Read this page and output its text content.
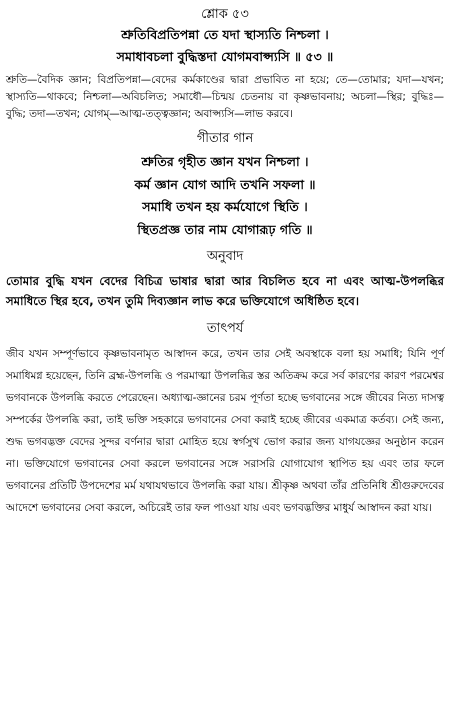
শ্লোক ৫৩

শ্রুতিবিপ্রতিপন্না তে যদা স্থাস্যতি নিশ্চলা ।

সমাধাবচলা বুদ্ধিস্তদা যোগমবাপ্স্যসি ॥ ৫৩ ॥

শ্রুতি—বৈদিক জ্ঞান; বিপ্রতিপন্না—বেদের কর্মকাণ্ডের দ্বারা প্রভাবিত না হয়ে; তে—তোমার; যদা—যখন; স্থাস্যতি—থাকবে; নিশ্চলা—অবিচলিত; সমাধৌ—চিন্ময় চেতনায় বা কৃষ্ণভাবনায়; অচলা—স্থির; বুদ্ধিঃ—বুদ্ধি; তদা—তখন; যোগম্—আত্ম-তত্ত্বজ্ঞান; অবাপ্স্যসি—লাভ করবে।

গীতার গান

শ্রুতির গৃহীত জ্ঞান যখন নিশ্চলা ।

কর্ম জ্ঞান যোগ আদি তখনি সফলা ॥

সমাধি তখন হয় কর্মযোগে স্থিতি ।

স্থিতপ্রজ্ঞ তার নাম যোগারূঢ় গতি ॥

অনুবাদ

তোমার বুদ্ধি যখন বেদের বিচিত্র ভাষার দ্বারা আর বিচলিত হবে না এবং আত্ম-উপলব্ধির সমাধিতে স্থির হবে, তখন তুমি দিব্যজ্ঞান লাভ করে ভক্তিযোগে অধিষ্ঠিত হবে।

তাৎপর্য

জীব যখন সম্পূর্ণভাবে কৃষ্ণভাবনামৃত আস্বাদন করে, তখন তার সেই অবস্থাকে বলা হয় সমাধি; যিনি পূর্ণ সমাধিমগ্ন হয়েছেন, তিনি ব্রহ্ম-উপলব্ধি ও পরমাত্মা উপলব্ধির স্তর অতিক্রম করে সর্ব কারণের কারণ পরমেশ্বর ভগবানকে উপলব্ধি করতে পেরেছেন। অধ্যাত্ম-জ্ঞানের চরম পূর্ণতা হচ্ছে ভগবানের সঙ্গে জীবের নিত্য দাসত্ব সম্পর্কের উপলব্ধি করা, তাই ভক্তি সহকারে ভগবানের সেবা করাই হচ্ছে জীবের একমাত্র কর্তব্য। সেই জন্য, শুদ্ধ ভগবদ্ভক্ত বেদের সুন্দর বর্ণনার দ্বারা মোহিত হয়ে স্বর্গসুখ ভোগ করার জন্য যাগযজ্ঞের অনুষ্ঠান করেন না। ভক্তিযোগে ভগবানের সেবা করলে ভগবানের সঙ্গে সরাসরি যোগাযোগ স্থাপিত হয় এবং তার ফলে ভগবানের প্রতিটি উপদেশের মর্ম যথাযথভাবে উপলব্ধি করা যায়। শ্রীকৃষ্ণ অথবা তাঁর প্রতিনিধি শ্রীগুরুদেবের আদেশে ভগবানের সেবা করলে, অচিরেই তার ফল পাওয়া যায় এবং ভগবদ্ভক্তির মাধুর্য আস্বাদন করা যায়।
